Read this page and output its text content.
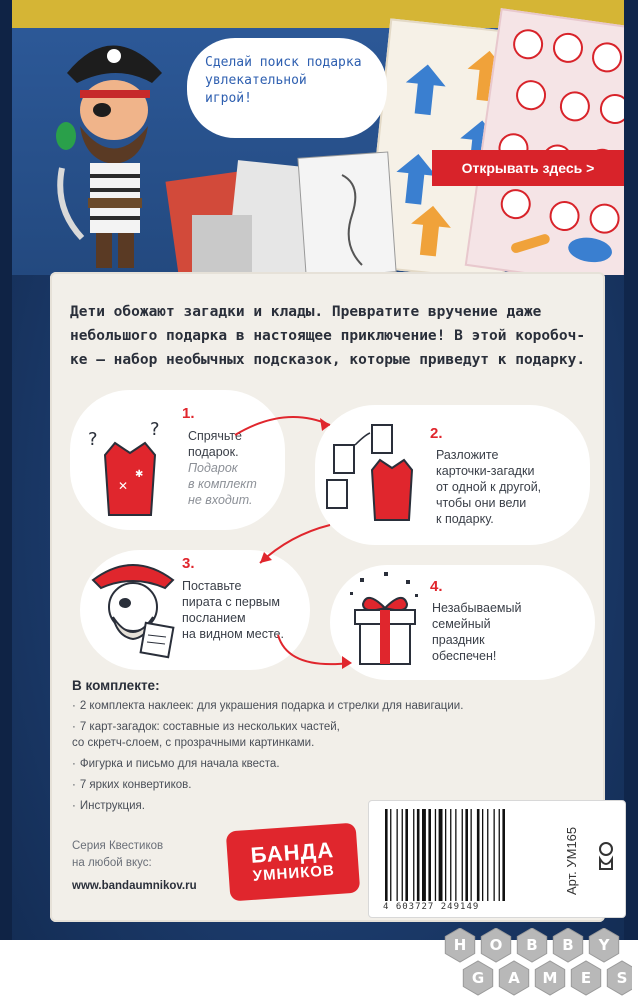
Сделай поиск подарка
увлекательной
игрой!
Открывать здесь >
Дети обожают загадки и клады. Превратите вручение даже
небольшого подарка в настоящее приключение! В этой коробоч-
ке — набор необычных подсказок, которые приведут к подарку.
?	?
✕
✱
1.
Спрячьте
подарок.
Подарок
в комплект
не входит.
2.
Разложите
карточки-загадки
от одной к другой,
чтобы они вели
к подарку.
3.
Поставьте
пирата с первым
посланием
на видном месте.
4.
Незабываемый
семейный
праздник
обеспечен!
В комплекте:
· 2 комплекта наклеек: для украшения подарка и стрелки для навигации.
· 7 карт-загадок: составные из нескольких частей,
со скретч-слоем, с прозрачными картинками.
· Фигурка и письмо для начала квеста.
· 7 ярких конвертиков.
· Инструкция.
Серия Квестиков
на любой вкус:
www.bandaumnikov.ru
БАНДА
УМНИКОВ
4 603727 249149
Арт. УМ165
H O B B Y
G A M E S
